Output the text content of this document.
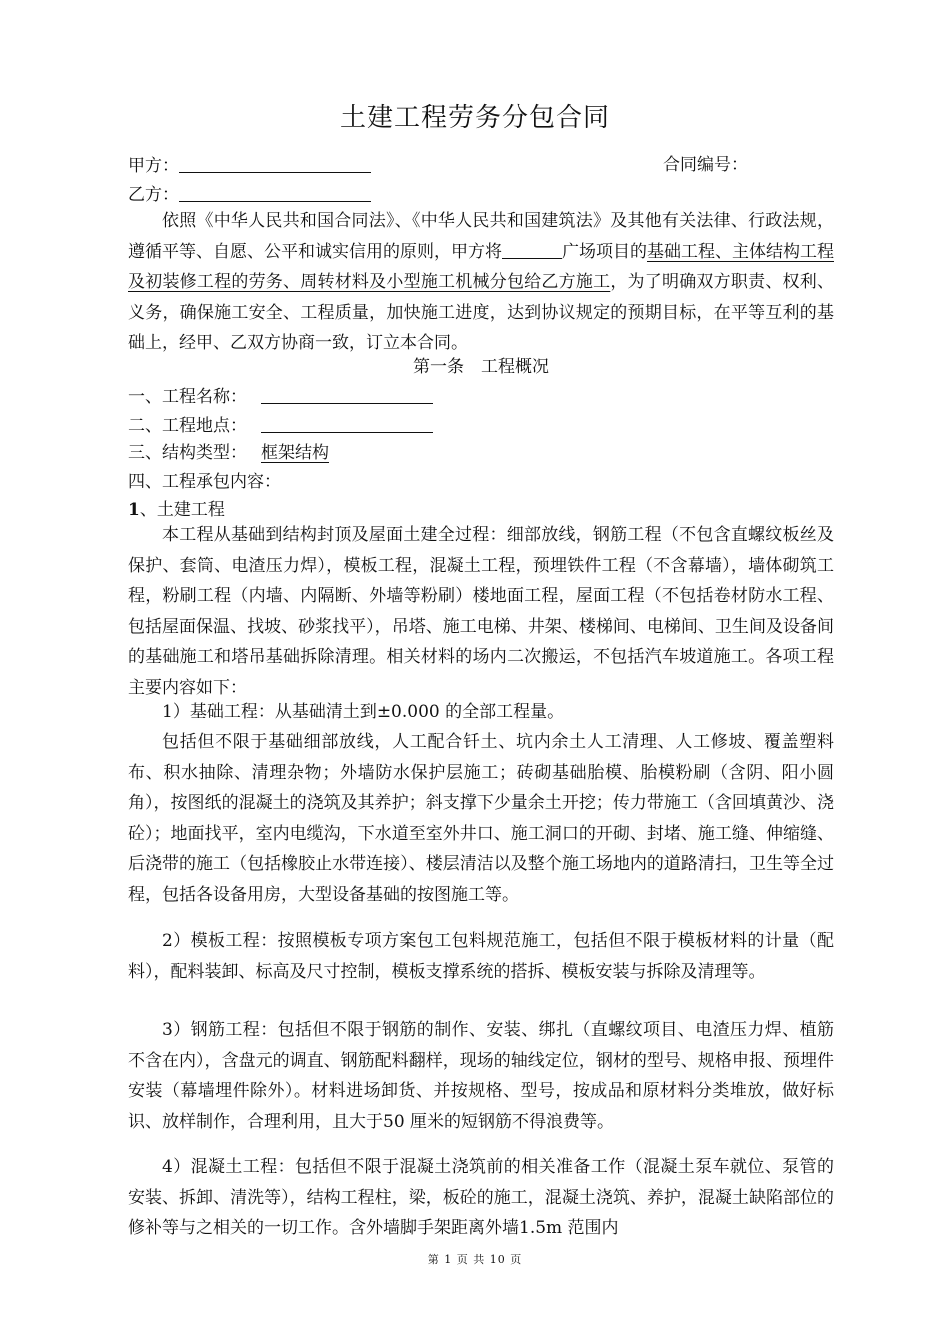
土建工程劳务分包合同
甲方：	合同编号：
乙方：
依照《中华人民共和国合同法》、《中华人民共和国建筑法》及其他有关法律、行政法规，遵循平等、自愿、公平和诚实信用的原则，甲方将	广场项目的基础工程、主体结构工程及初装修工程的劳务、周转材料及小型施工机械分包给乙方施工，为了明确双方职责、权利、义务，确保施工安全、工程质量，加快施工进度，达到协议规定的预期目标，在平等互利的基础上，经甲、乙双方协商一致，订立本合同。
第一条　工程概况
一、工程名称：
二、工程地点：
三、结构类型： 框架结构
四、工程承包内容：
1、土建工程
本工程从基础到结构封顶及屋面土建全过程：细部放线，钢筋工程（不包含直螺纹板丝及保护、套筒、电渣压力焊），模板工程，混凝土工程，预埋铁件工程（不含幕墙），墙体砌筑工程，粉刷工程（内墙、内隔断、外墙等粉刷）楼地面工程，屋面工程（不包括卷材防水工程、包括屋面保温、找坡、砂浆找平），吊塔、施工电梯、井架、楼梯间、电梯间、卫生间及设备间的基础施工和塔吊基础拆除清理。相关材料的场内二次搬运，不包括汽车坡道施工。各项工程主要内容如下：
1）基础工程：从基础清土到±0.000 的全部工程量。
包括但不限于基础细部放线，人工配合钎土、坑内余土人工清理、人工修坡、覆盖塑料布、积水抽除、清理杂物；外墙防水保护层施工；砖砌基础胎模、胎模粉刷（含阴、阳小圆角），按图纸的混凝土的浇筑及其养护；斜支撑下少量余土开挖；传力带施工（含回填黄沙、浇砼）；地面找平，室内电缆沟，下水道至室外井口、施工洞口的开砌、封堵、施工缝、伸缩缝、后浇带的施工（包括橡胶止水带连接）、楼层清洁以及整个施工场地内的道路清扫，卫生等全过程，包括各设备用房，大型设备基础的按图施工等。
2）模板工程：按照模板专项方案包工包料规范施工，包括但不限于模板材料的计量（配料），配料装卸、标高及尺寸控制，模板支撑系统的搭拆、模板安装与拆除及清理等。
3）钢筋工程：包括但不限于钢筋的制作、安装、绑扎（直螺纹项目、电渣压力焊、植筋不含在内），含盘元的调直、钢筋配料翻样，现场的轴线定位，钢材的型号、规格申报、预埋件安装（幕墙埋件除外）。材料进场卸货、并按规格、型号，按成品和原材料分类堆放，做好标识、放样制作，合理利用，且大于50 厘米的短钢筋不得浪费等。
4）混凝土工程：包括但不限于混凝土浇筑前的相关准备工作（混凝土泵车就位、泵管的安装、拆卸、清洗等），结构工程柱，梁，板砼的施工，混凝土浇筑、养护，混凝土缺陷部位的修补等与之相关的一切工作。含外墙脚手架距离外墙1.5m 范围内
第 1 页 共 10 页
